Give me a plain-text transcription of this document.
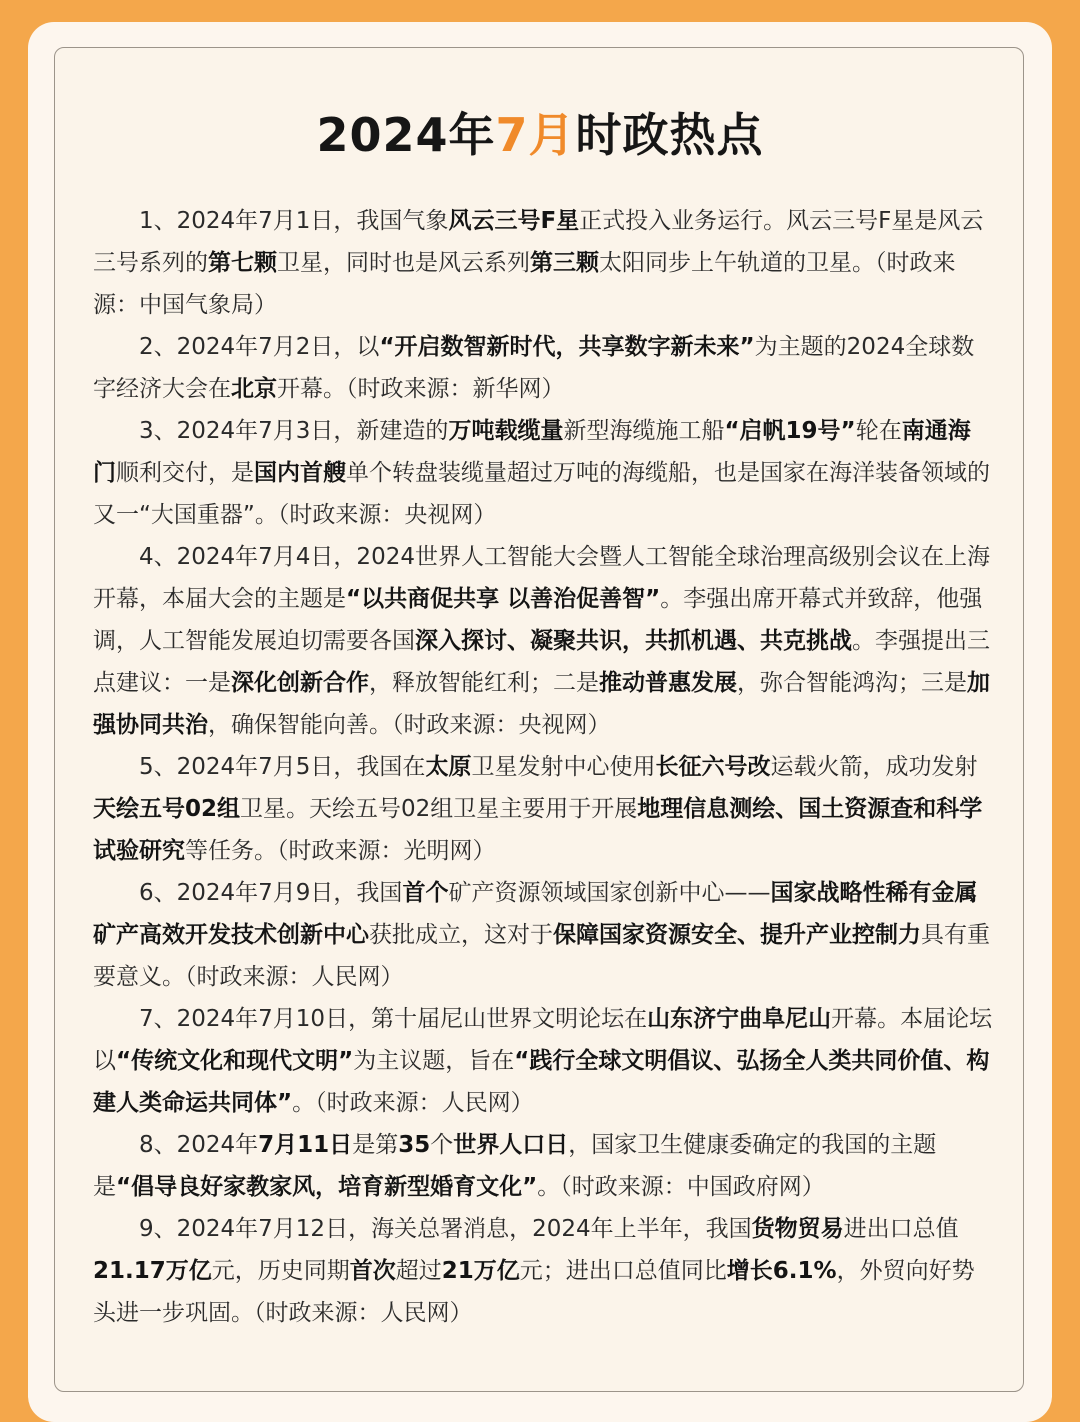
2024年7月时政热点

1、2024年7月1日，我国气象风云三号F星正式投入业务运行。风云三号F星是风云三号系列的第七颗卫星，同时也是风云系列第三颗太阳同步上午轨道的卫星。（时政来源：中国气象局）

2、2024年7月2日，以“开启数智新时代，共享数字新未来”为主题的2024全球数字经济大会在北京开幕。（时政来源：新华网）

3、2024年7月3日，新建造的万吨载缆量新型海缆施工船“启帆19号”轮在南通海门顺利交付，是国内首艘单个转盘装缆量超过万吨的海缆船，也是国家在海洋装备领域的又一“大国重器”。（时政来源：央视网）

4、2024年7月4日，2024世界人工智能大会暨人工智能全球治理高级别会议在上海开幕，本届大会的主题是“以共商促共享 以善治促善智”。李强出席开幕式并致辞，他强调，人工智能发展迫切需要各国深入探讨、凝聚共识，共抓机遇、共克挑战。李强提出三点建议：一是深化创新合作，释放智能红利；二是推动普惠发展，弥合智能鸿沟；三是加强协同共治，确保智能向善。（时政来源：央视网）

5、2024年7月5日，我国在太原卫星发射中心使用长征六号改运载火箭，成功发射天绘五号02组卫星。天绘五号02组卫星主要用于开展地理信息测绘、国土资源查和科学试验研究等任务。（时政来源：光明网）

6、2024年7月9日，我国首个矿产资源领域国家创新中心——国家战略性稀有金属矿产高效开发技术创新中心获批成立，这对于保障国家资源安全、提升产业控制力具有重要意义。（时政来源：人民网）

7、2024年7月10日，第十届尼山世界文明论坛在山东济宁曲阜尼山开幕。本届论坛以“传统文化和现代文明”为主议题，旨在“践行全球文明倡议、弘扬全人类共同价值、构建人类命运共同体”。（时政来源：人民网）

8、2024年7月11日是第35个世界人口日，国家卫生健康委确定的我国的主题是“倡导良好家教家风，培育新型婚育文化”。（时政来源：中国政府网）

9、2024年7月12日，海关总署消息，2024年上半年，我国货物贸易进出口总值21.17万亿元，历史同期首次超过21万亿元；进出口总值同比增长6.1%，外贸向好势头进一步巩固。（时政来源：人民网）
